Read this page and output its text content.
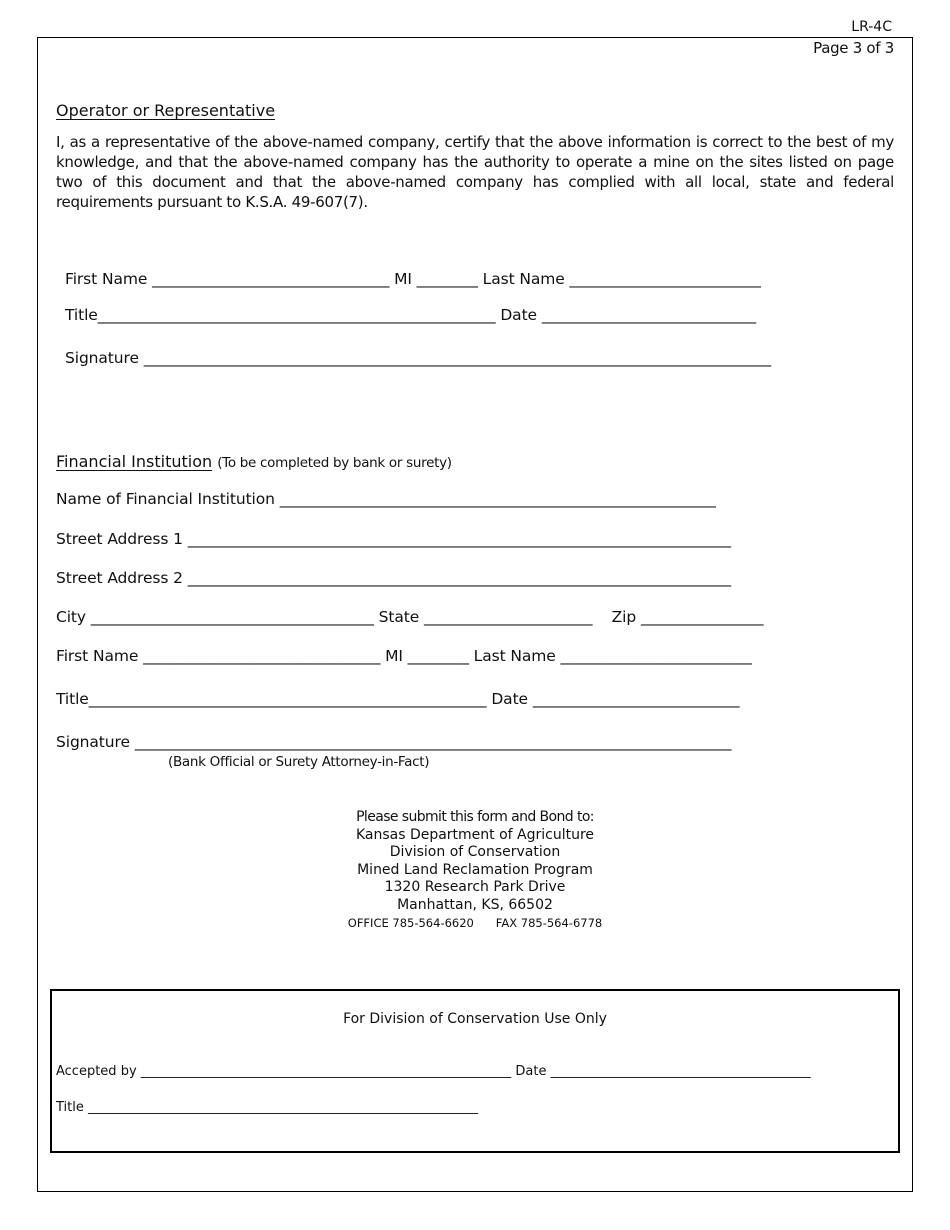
LR-4C
Page 3 of 3
Operator or Representative
I, as a representative of the above-named company, certify that the above information is correct to the best of my knowledge, and that the above-named company has the authority to operate a mine on the sites listed on page two of this document and that the above-named company has complied with all local, state and federal requirements pursuant to K.S.A. 49-607(7).
First Name _______________________________ MI ________ Last Name _________________________
Title____________________________________________________ Date ____________________________
Signature __________________________________________________________________________________
Financial Institution (To be completed by bank or surety)
Name of Financial Institution _________________________________________________________
Street Address 1 _______________________________________________________________________
Street Address 2 _______________________________________________________________________
City _____________________________________ State ______________________    Zip ________________
First Name _______________________________ MI ________ Last Name _________________________
Title____________________________________________________ Date ___________________________
Signature ______________________________________________________________________________
(Bank Official or Surety Attorney-in-Fact)
Please submit this form and Bond to:
Kansas Department of Agriculture
Division of Conservation
Mined Land Reclamation Program
1320 Research Park Drive
Manhattan, KS, 66502
OFFICE 785-564-6620 FAX 785-564-6778
For Division of Conservation Use Only
Accepted by _________________________________________________________ Date ________________________________________
Title ____________________________________________________________
